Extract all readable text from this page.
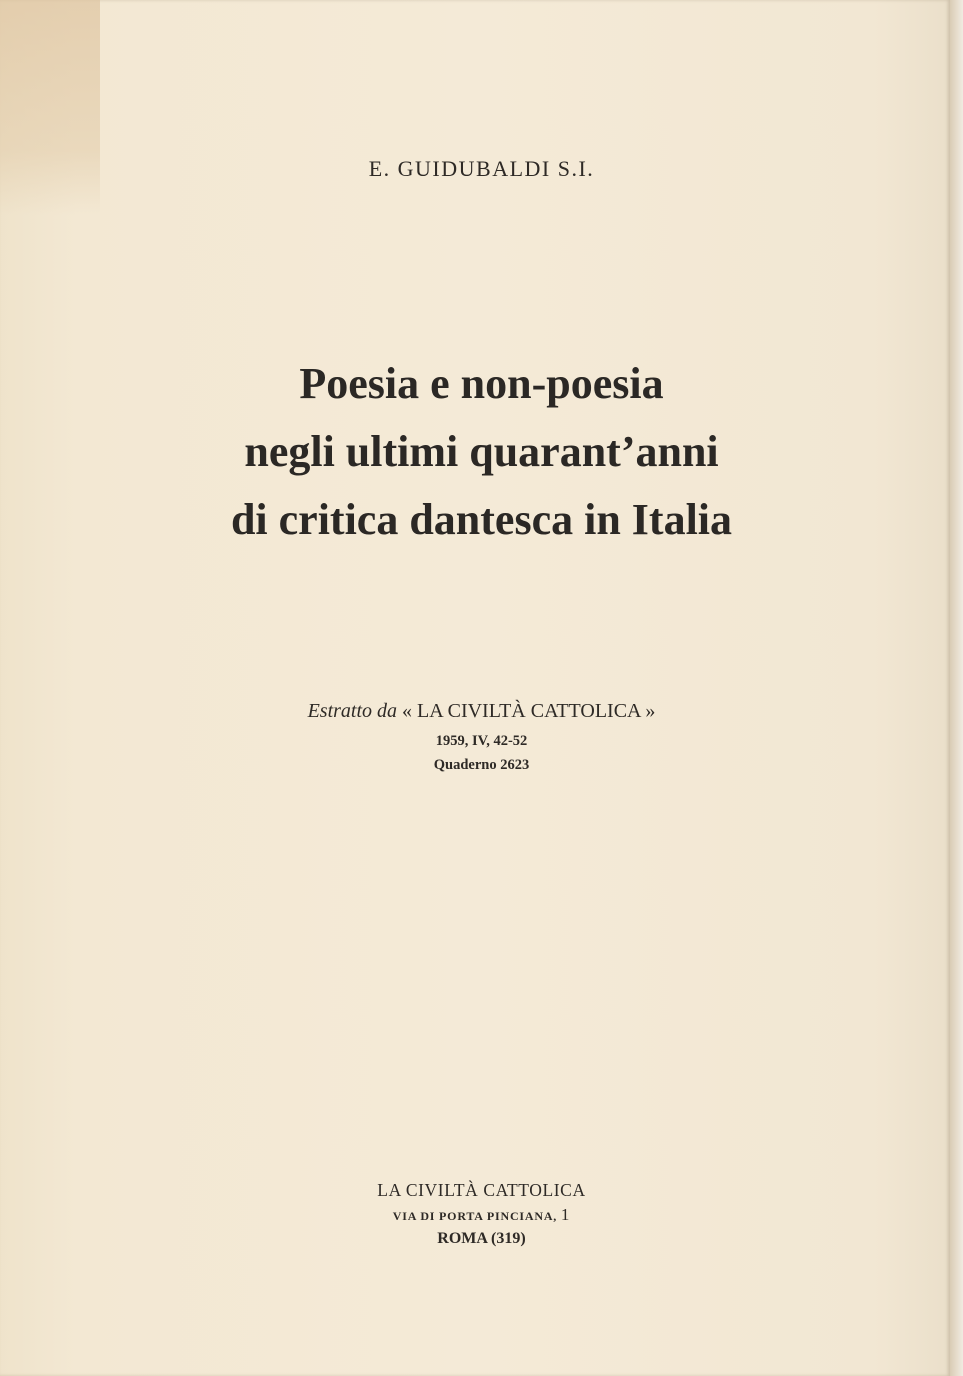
E. GUIDUBALDI S.I.
Poesia e non-poesia
negli ultimi quarant’anni
di critica dantesca in Italia
Estratto da « LA CIVILTÀ CATTOLICA »
1959, IV, 42-52
Quaderno 2623
LA CIVILTÀ CATTOLICA
VIA DI PORTA PINCIANA, 1
ROMA (319)
